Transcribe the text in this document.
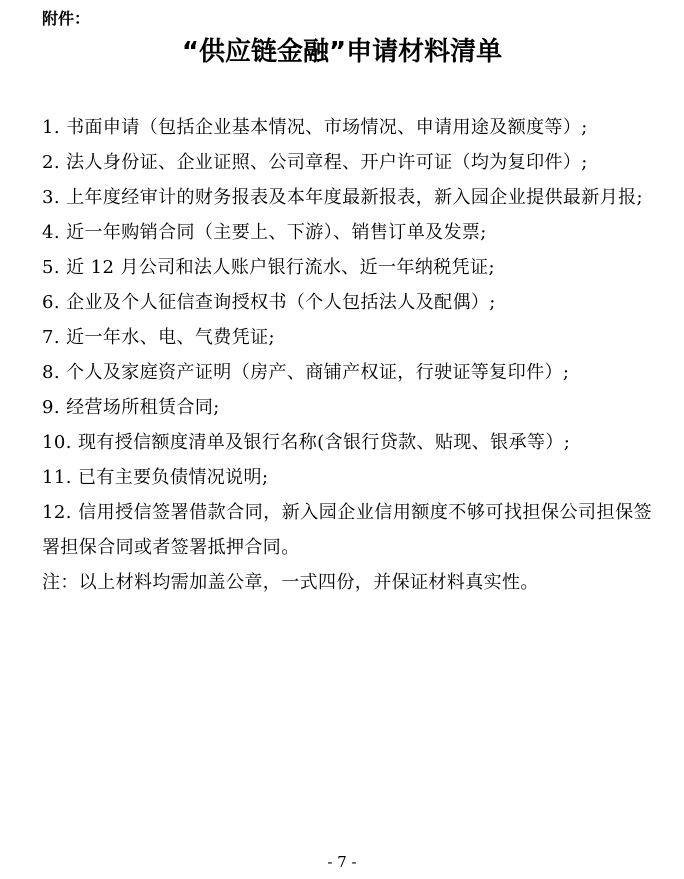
附件：
“供应链金融”申请材料清单
1. 书面申请（包括企业基本情况、市场情况、申请用途及额度等）;
2. 法人身份证、企业证照、公司章程、开户许可证（均为复印件）;
3. 上年度经审计的财务报表及本年度最新报表，新入园企业提供最新月报;
4. 近一年购销合同（主要上、下游）、销售订单及发票;
5. 近 12 月公司和法人账户银行流水、近一年纳税凭证;
6. 企业及个人征信查询授权书（个人包括法人及配偶）;
7. 近一年水、电、气费凭证;
8. 个人及家庭资产证明（房产、商铺产权证，行驶证等复印件）;
9. 经营场所租赁合同;
10. 现有授信额度清单及银行名称(含银行贷款、贴现、银承等）;
11. 已有主要负债情况说明;
12. 信用授信签署借款合同，新入园企业信用额度不够可找担保公司担保签署担保合同或者签署抵押合同。
注：以上材料均需加盖公章，一式四份，并保证材料真实性。
- 7 -
